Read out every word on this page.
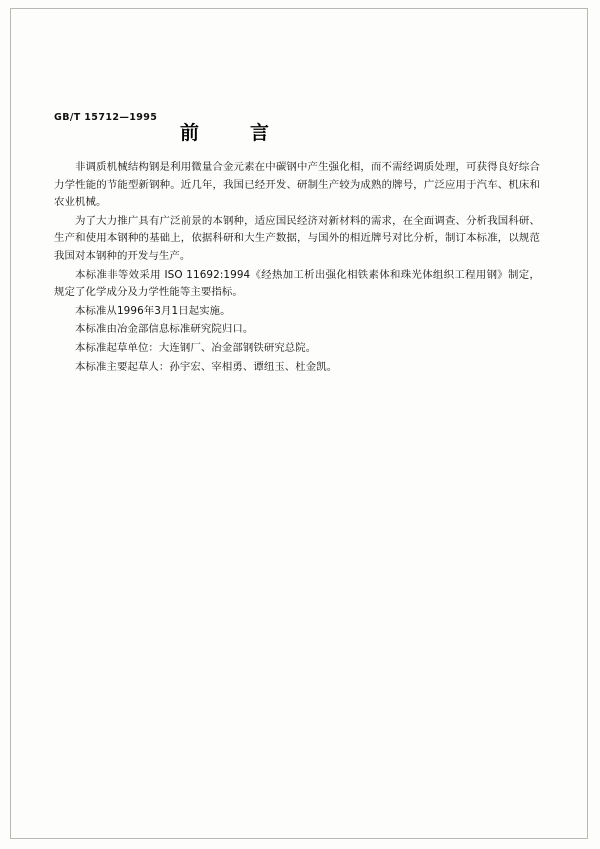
GB/T 15712—1995

非调质机械结构钢是利用微量合金元素在中碳钢中产生强化相，而不需经调质处理，可获得良好综合力学性能的节能型新钢种。近几年，我国已经开发、研制生产较为成熟的牌号，广泛应用于汽车、机床和农业机械。

为了大力推广具有广泛前景的本钢种，适应国民经济对新材料的需求，在全面调查、分析我国科研、生产和使用本钢种的基础上，依据科研和大生产数据，与国外的相近牌号对比分析，制订本标准，以规范我国对本钢种的开发与生产。

本标准非等效采用 ISO 11692:1994《经热加工析出强化相铁素体和珠光体组织工程用钢》制定，规定了化学成分及力学性能等主要指标。

本标准从1996年3月1日起实施。

本标准由冶金部信息标准研究院归口。

本标准起草单位：大连钢厂、冶金部钢铁研究总院。

本标准主要起草人：孙宇宏、宰相勇、谭纽玉、杜金凯。

前　言
